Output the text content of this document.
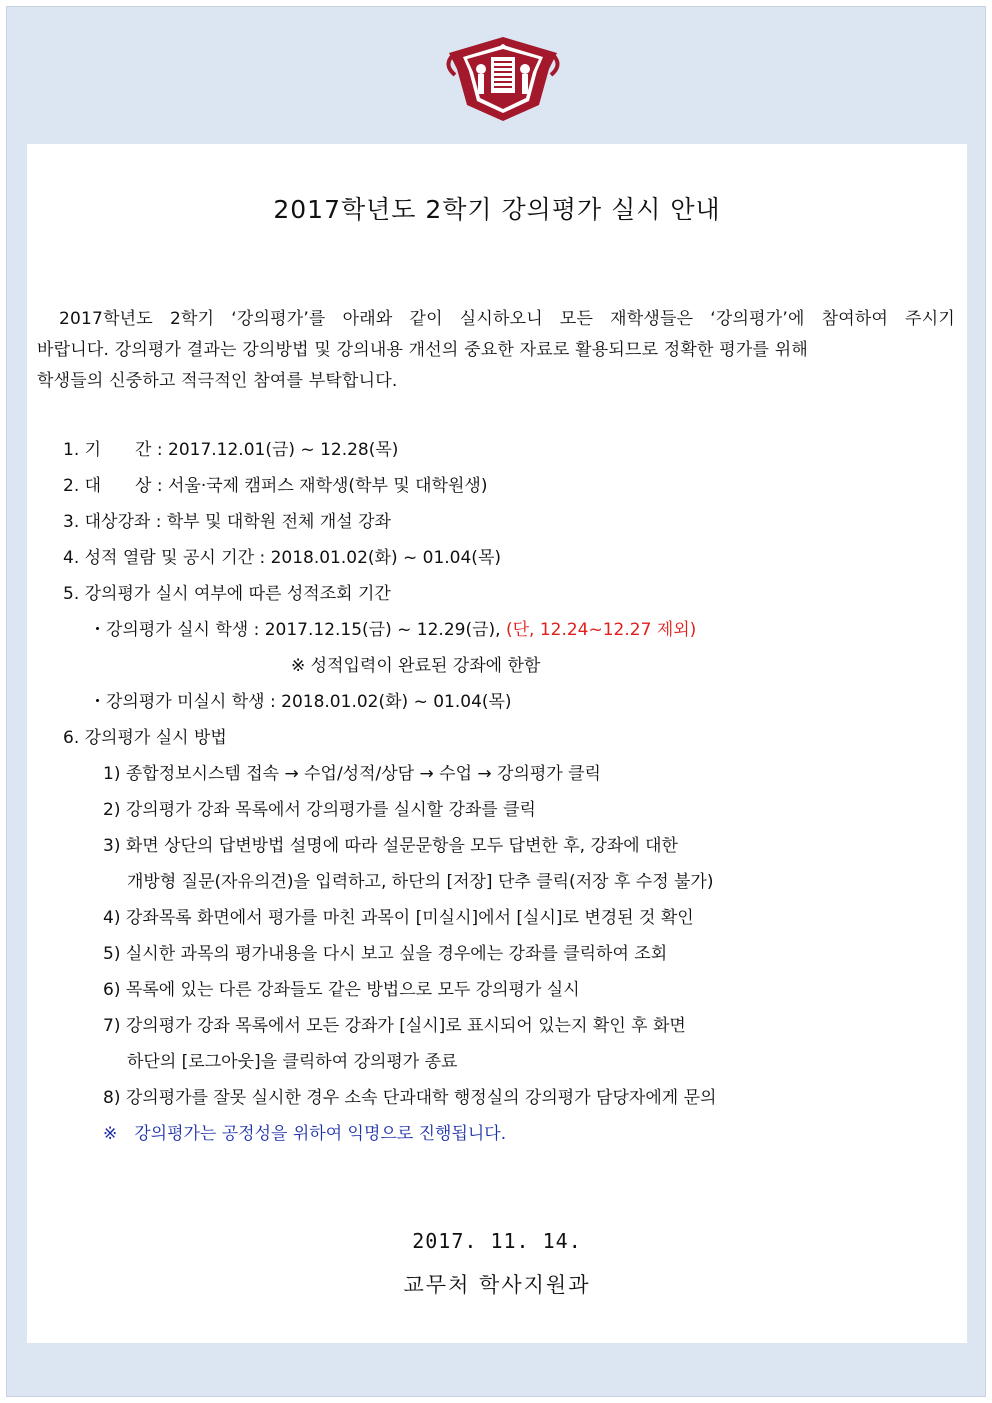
2017학년도 2학기 강의평가 실시 안내

2017학년도 2학기 ‘강의평가’를 아래와 같이 실시하오니 모든 재학생들은 ‘강의평가’에 참여하여 주시기

바랍니다. 강의평가 결과는 강의방법 및 강의내용 개선의 중요한 자료로 활용되므로 정확한 평가를 위해

학생들의 신중하고 적극적인 참여를 부탁합니다.

1. 기　　간 : 2017.12.01(금) ~ 12.28(목)
2. 대　　상 : 서울·국제 캠퍼스 재학생(학부 및 대학원생)
3. 대상강좌 : 학부 및 대학원 전체 개설 강좌
4. 성적 열람 및 공시 기간 : 2018.01.02(화) ~ 01.04(목)
5. 강의평가 실시 여부에 따른 성적조회 기간
・강의평가 실시 학생 : 2017.12.15(금) ~ 12.29(금), (단, 12.24~12.27 제외)
※ 성적입력이 완료된 강좌에 한함
・강의평가 미실시 학생 : 2018.01.02(화) ~ 01.04(목)
6. 강의평가 실시 방법
1) 종합정보시스템 접속 → 수업/성적/상담 → 수업 → 강의평가 클릭
2) 강의평가 강좌 목록에서 강의평가를 실시할 강좌를 클릭
3) 화면 상단의 답변방법 설명에 따라 설문문항을 모두 답변한 후, 강좌에 대한
개방형 질문(자유의견)을 입력하고, 하단의 [저장] 단추 클릭(저장 후 수정 불가)
4) 강좌목록 화면에서 평가를 마친 과목이 [미실시]에서 [실시]로 변경된 것 확인
5) 실시한 과목의 평가내용을 다시 보고 싶을 경우에는 강좌를 클릭하여 조회
6) 목록에 있는 다른 강좌들도 같은 방법으로 모두 강의평가 실시
7) 강의평가 강좌 목록에서 모든 강좌가 [실시]로 표시되어 있는지 확인 후 화면
하단의 [로그아웃]을 클릭하여 강의평가 종료
8) 강의평가를 잘못 실시한 경우 소속 단과대학 행정실의 강의평가 담당자에게 문의
※　강의평가는 공정성을 위하여 익명으로 진행됩니다.
2017. 11. 14.
교무처 학사지원과
